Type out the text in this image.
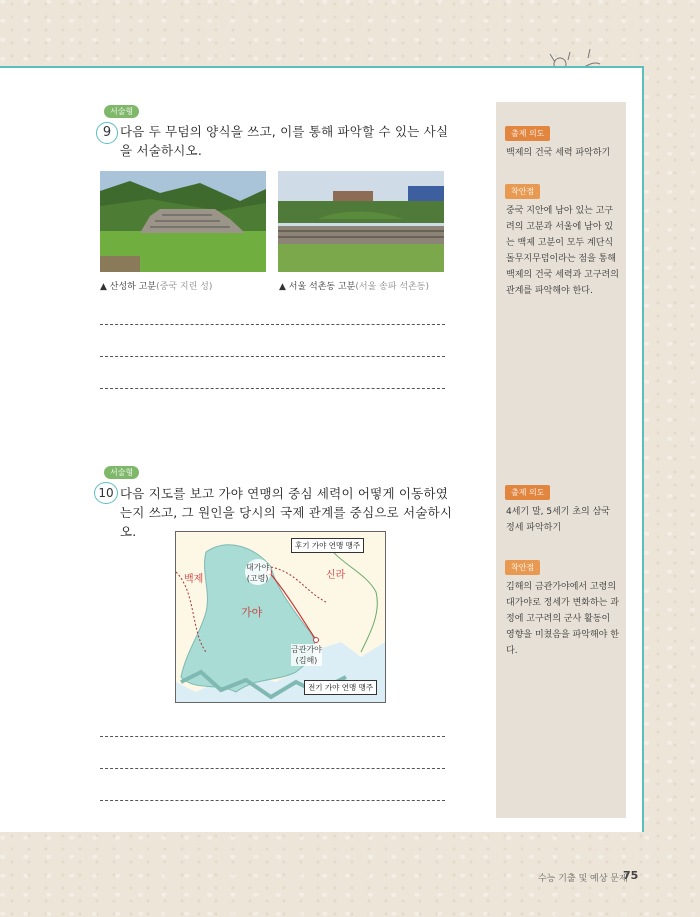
서술형
9 다음 두 무덤의 양식을 쓰고, 이를 통해 파악할 수 있는 사실을 서술하시오.
▲ 산성하 고분(중국 지린 성)	▲ 서울 석촌동 고분(서울 송파 석촌동)
서술형
10 다음 지도를 보고 가야 연맹의 중심 세력이 어떻게 이동하였는지 쓰고, 그 원인을 당시의 국제 관계를 중심으로 서술하시오.
백제	신라
가야
대가야
(고령)
금관가야
(김해)
후기 가야 연맹 맹주
전기 가야 연맹 맹주
출제 의도
백제의 건국 세력 파악하기
착안점
중국 지안에 남아 있는 고구려의 고분과 서울에 남아 있는 백제 고분이 모두 계단식 돌무지무덤이라는 점을 통해 백제의 건국 세력과 고구려의 관계를 파악해야 한다.
출제 의도
4세기 말, 5세기 초의 삼국 정세 파악하기
착안점
김해의 금관가야에서 고령의 대가야로 정세가 변화하는 과정에 고구려의 군사 활동이 영향을 미쳤음을 파악해야 한다.
수능 기출 및 예상 문제
75
